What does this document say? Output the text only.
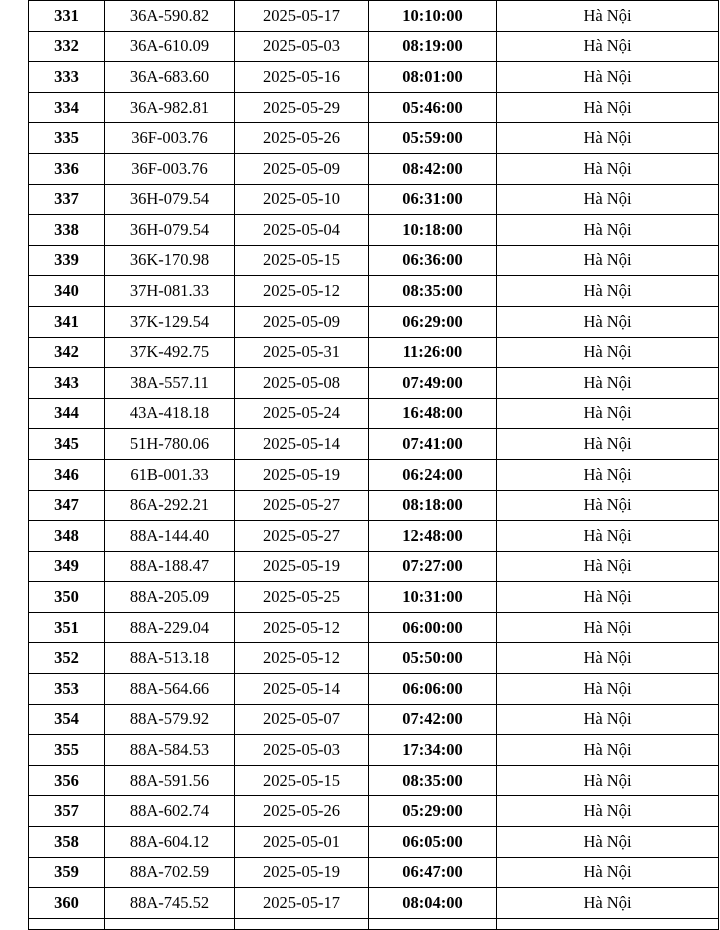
331	36A-590.82	2025-05-17	10:10:00	Hà Nội
332	36A-610.09	2025-05-03	08:19:00	Hà Nội
333	36A-683.60	2025-05-16	08:01:00	Hà Nội
334	36A-982.81	2025-05-29	05:46:00	Hà Nội
335	36F-003.76	2025-05-26	05:59:00	Hà Nội
336	36F-003.76	2025-05-09	08:42:00	Hà Nội
337	36H-079.54	2025-05-10	06:31:00	Hà Nội
338	36H-079.54	2025-05-04	10:18:00	Hà Nội
339	36K-170.98	2025-05-15	06:36:00	Hà Nội
340	37H-081.33	2025-05-12	08:35:00	Hà Nội
341	37K-129.54	2025-05-09	06:29:00	Hà Nội
342	37K-492.75	2025-05-31	11:26:00	Hà Nội
343	38A-557.11	2025-05-08	07:49:00	Hà Nội
344	43A-418.18	2025-05-24	16:48:00	Hà Nội
345	51H-780.06	2025-05-14	07:41:00	Hà Nội
346	61B-001.33	2025-05-19	06:24:00	Hà Nội
347	86A-292.21	2025-05-27	08:18:00	Hà Nội
348	88A-144.40	2025-05-27	12:48:00	Hà Nội
349	88A-188.47	2025-05-19	07:27:00	Hà Nội
350	88A-205.09	2025-05-25	10:31:00	Hà Nội
351	88A-229.04	2025-05-12	06:00:00	Hà Nội
352	88A-513.18	2025-05-12	05:50:00	Hà Nội
353	88A-564.66	2025-05-14	06:06:00	Hà Nội
354	88A-579.92	2025-05-07	07:42:00	Hà Nội
355	88A-584.53	2025-05-03	17:34:00	Hà Nội
356	88A-591.56	2025-05-15	08:35:00	Hà Nội
357	88A-602.74	2025-05-26	05:29:00	Hà Nội
358	88A-604.12	2025-05-01	06:05:00	Hà Nội
359	88A-702.59	2025-05-19	06:47:00	Hà Nội
360	88A-745.52	2025-05-17	08:04:00	Hà Nội
